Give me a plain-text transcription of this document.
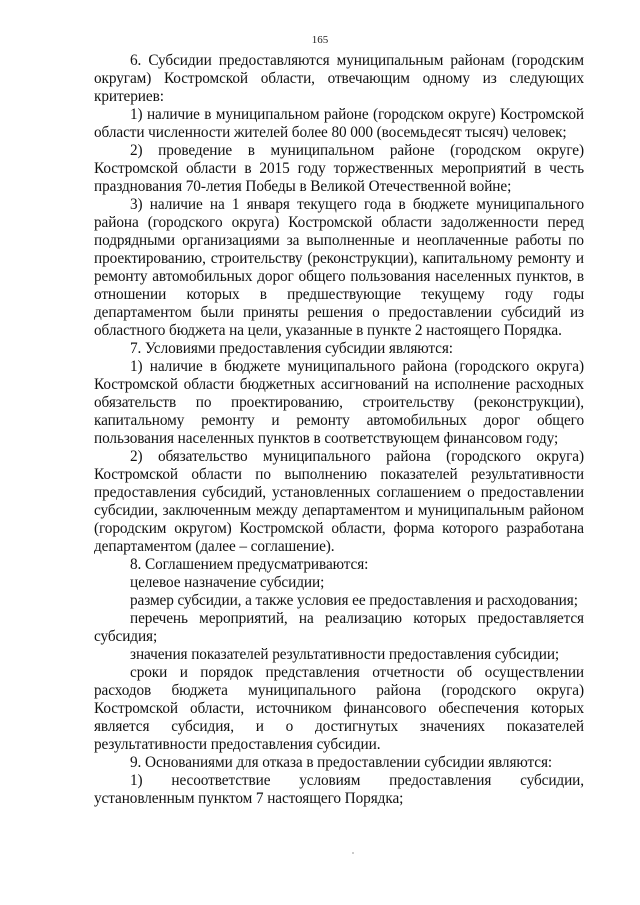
165

6. Субсидии предоставляются муниципальным районам (городским округам) Костромской области, отвечающим одному из следующих критериев:

1) наличие в муниципальном районе (городском округе) Костромской области численности жителей более 80 000 (восемьдесят тысяч) человек;

2) проведение в муниципальном районе (городском округе) Костромской области в 2015 году торжественных мероприятий в честь празднования 70-летия Победы в Великой Отечественной войне;

3) наличие на 1 января текущего года в бюджете муниципального района (городского округа) Костромской области задолженности перед подрядными организациями за выполненные и неоплаченные работы по проектированию, строительству (реконструкции), капитальному ремонту и ремонту автомобильных дорог общего пользования населенных пунктов, в отношении которых в предшествующие текущему году годы департаментом были приняты решения о предоставлении субсидий из областного бюджета на цели, указанные в пункте 2 настоящего Порядка.

7. Условиями предоставления субсидии являются:

1) наличие в бюджете муниципального района (городского округа) Костромской области бюджетных ассигнований на исполнение расходных обязательств по проектированию, строительству (реконструкции), капитальному ремонту и ремонту автомобильных дорог общего пользования населенных пунктов в соответствующем финансовом году;

2) обязательство муниципального района (городского округа) Костромской области по выполнению показателей результативности предоставления субсидий, установленных соглашением о предоставлении субсидии, заключенным между департаментом и муниципальным районом (городским округом) Костромской области, форма которого разработана департаментом (далее – соглашение).

8. Соглашением предусматриваются:

целевое назначение субсидии;

размер субсидии, а также условия ее предоставления и расходования;

перечень мероприятий, на реализацию которых предоставляется субсидия;

значения показателей результативности предоставления субсидии;

сроки и порядок представления отчетности об осуществлении расходов бюджета муниципального района (городского округа) Костромской области, источником финансового обеспечения которых является субсидия, и о достигнутых значениях показателей результативности предоставления субсидии.

9. Основаниями для отказа в предоставлении субсидии являются:

1) несоответствие условиям предоставления субсидии, установленным пунктом 7 настоящего Порядка;
